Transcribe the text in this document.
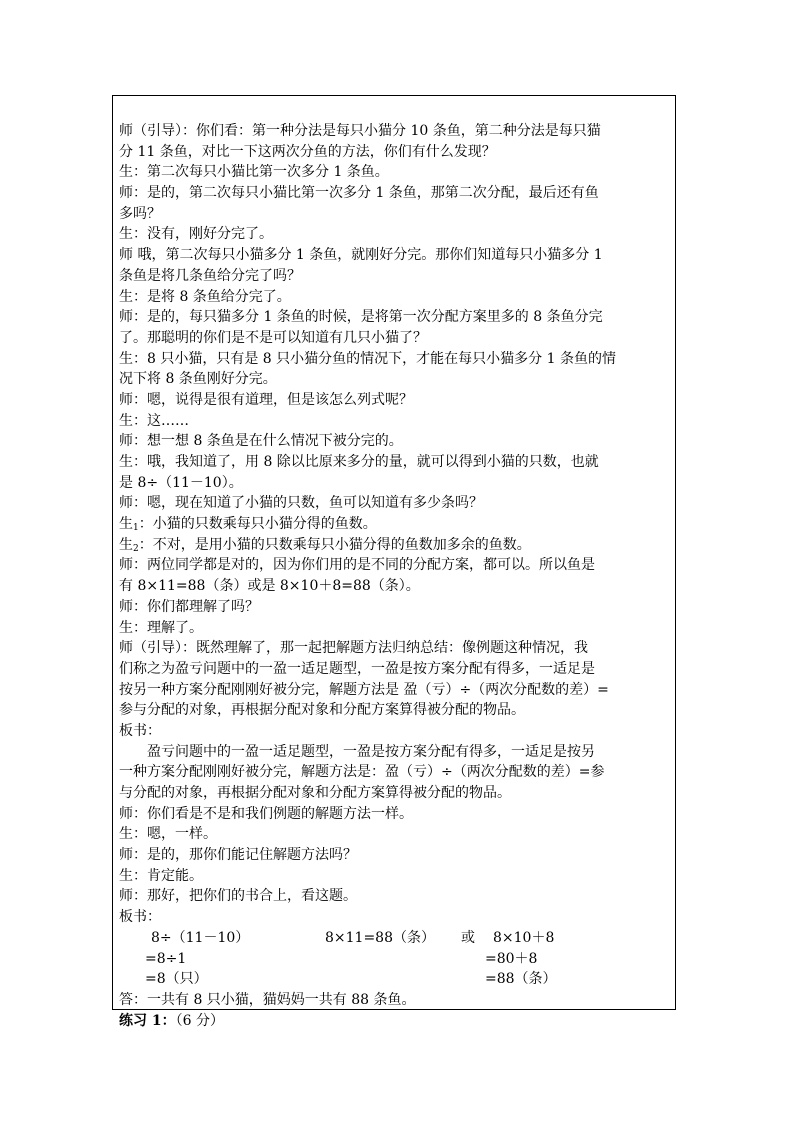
师（引导）：你们看：第一种分法是每只小猫分 10 条鱼，第二种分法是每只猫
分 11 条鱼，对比一下这两次分鱼的方法，你们有什么发现？
生：第二次每只小猫比第一次多分 1 条鱼。
师：是的，第二次每只小猫比第一次多分 1 条鱼，那第二次分配，最后还有鱼
多吗？
生：没有，刚好分完了。
师 哦，第二次每只小猫多分 1 条鱼，就刚好分完。那你们知道每只小猫多分 1
条鱼是将几条鱼给分完了吗？
生：是将 8 条鱼给分完了。
师：是的，每只猫多分 1 条鱼的时候，是将第一次分配方案里多的 8 条鱼分完
了。那聪明的你们是不是可以知道有几只小猫了？
生：8 只小猫，只有是 8 只小猫分鱼的情况下，才能在每只小猫多分 1 条鱼的情
况下将 8 条鱼刚好分完。
师：嗯，说得是很有道理，但是该怎么列式呢？
生：这……
师：想一想 8 条鱼是在什么情况下被分完的。
生：哦，我知道了，用 8 除以比原来多分的量，就可以得到小猫的只数，也就
是 8÷（11－10）。
师：嗯，现在知道了小猫的只数，鱼可以知道有多少条吗？
生$_1$：小猫的只数乘每只小猫分得的鱼数。
生$_2$：不对，是用小猫的只数乘每只小猫分得的鱼数加多余的鱼数。
师：两位同学都是对的，因为你们用的是不同的分配方案，都可以。所以鱼是
有 8×11=88（条）或是 8×10＋8=88（条）。
师：你们都理解了吗？
生：理解了。
师（引导）：既然理解了，那一起把解题方法归纳总结：像例题这种情况，我
们称之为盈亏问题中的一盈一适足题型，一盈是按方案分配有得多，一适足是
按另一种方案分配刚刚好被分完，解题方法是 盈（亏）÷（两次分配数的差）=
参与分配的对象，再根据分配对象和分配方案算得被分配的物品。
板书：
盈亏问题中的一盈一适足题型，一盈是按方案分配有得多，一适足是按另
一种方案分配刚刚好被分完，解题方法是：盈（亏）÷（两次分配数的差）=参
与分配的对象，再根据分配对象和分配方案算得被分配的物品。
师：你们看是不是和我们例题的解题方法一样。
生：嗯，一样。
师：是的，那你们能记住解题方法吗？
生：肯定能。
师：那好，把你们的书合上，看这题。
板书：
8÷（11－10）	8×11=88（条） 或 8×10＋8
=8÷1	=80＋8
=8（只）	=88（条）
答：一共有 8 只小猫，猫妈妈一共有 88 条鱼。
练习 1：（6 分）
